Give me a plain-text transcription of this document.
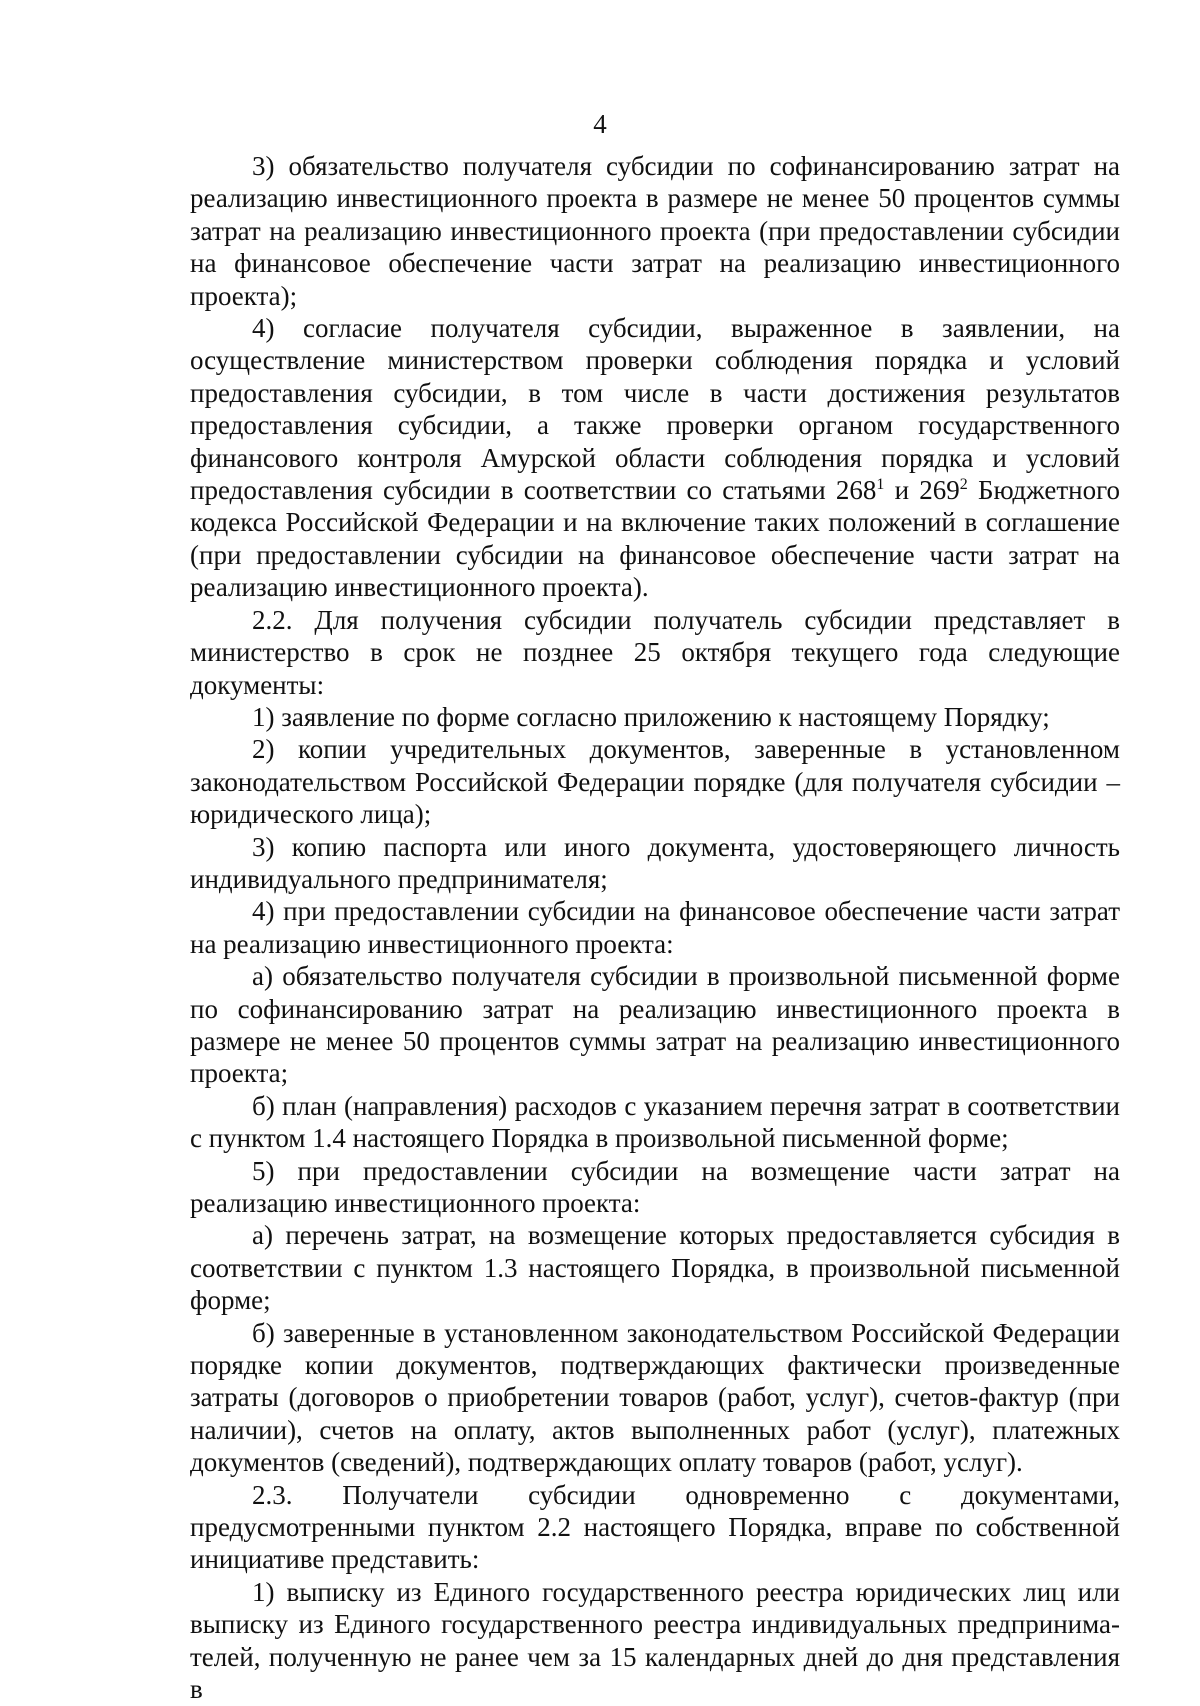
4

3) обязательство получателя субсидии по софинансированию затрат на реализацию инвестиционного проекта в размере не менее 50 процентов суммы затрат на реализацию инвестиционного проекта (при предоставлении субсидии на финансовое обеспечение части затрат на реализацию инвестиционного проекта);

4) согласие получателя субсидии, выраженное в заявлении, на осуществление министерством проверки соблюдения порядка и условий предоставления субсидии, в том числе в части достижения результатов предоставления субсидии, а также проверки органом государственного финансового контроля Амурской области соблюдения порядка и условий предоставления субсидии в соответствии со статьями $268^1$ и $269^2$ Бюджетного кодекса Российской Федерации и на включение таких положений в соглашение (при предоставлении субсидии на финансовое обеспечение части затрат на реализацию инвестиционного проекта).

2.2. Для получения субсидии получатель субсидии представляет в министерство в срок не позднее 25 октября текущего года следующие документы:

1) заявление по форме согласно приложению к настоящему Порядку;

2) копии учредительных документов, заверенные в установленном законодательством Российской Федерации порядке (для получателя субсидии – юридического лица);

3) копию паспорта или иного документа, удостоверяющего личность индивидуального предпринимателя;

4) при предоставлении субсидии на финансовое обеспечение части затрат на реализацию инвестиционного проекта:

а) обязательство получателя субсидии в произвольной письменной форме по софинансированию затрат на реализацию инвестиционного проекта в размере не менее 50 процентов суммы затрат на реализацию инвестиционного проекта;

б) план (направления) расходов с указанием перечня затрат в соответствии с пунктом 1.4 настоящего Порядка в произвольной письменной форме;

5) при предоставлении субсидии на возмещение части затрат на реализацию инвестиционного проекта:

а) перечень затрат, на возмещение которых предоставляется субсидия в соответствии с пунктом 1.3 настоящего Порядка, в произвольной письменной форме;

б) заверенные в установленном законодательством Российской Федерации порядке копии документов, подтверждающих фактически произведенные затраты (договоров о приобретении товаров (работ, услуг), счетов-фактур (при наличии), счетов на оплату, актов выполненных работ (услуг), платежных документов (сведений), подтверждающих оплату товаров (работ, услуг).

2.3. Получатели субсидии одновременно с документами, предусмотренными пунктом 2.2 настоящего Порядка, вправе по собственной инициативе представить:

1) выписку из Единого государственного реестра юридических лиц или выписку из Единого государственного реестра индивидуальных предпринимателей, полученную не ранее чем за 15 календарных дней до дня представления в
